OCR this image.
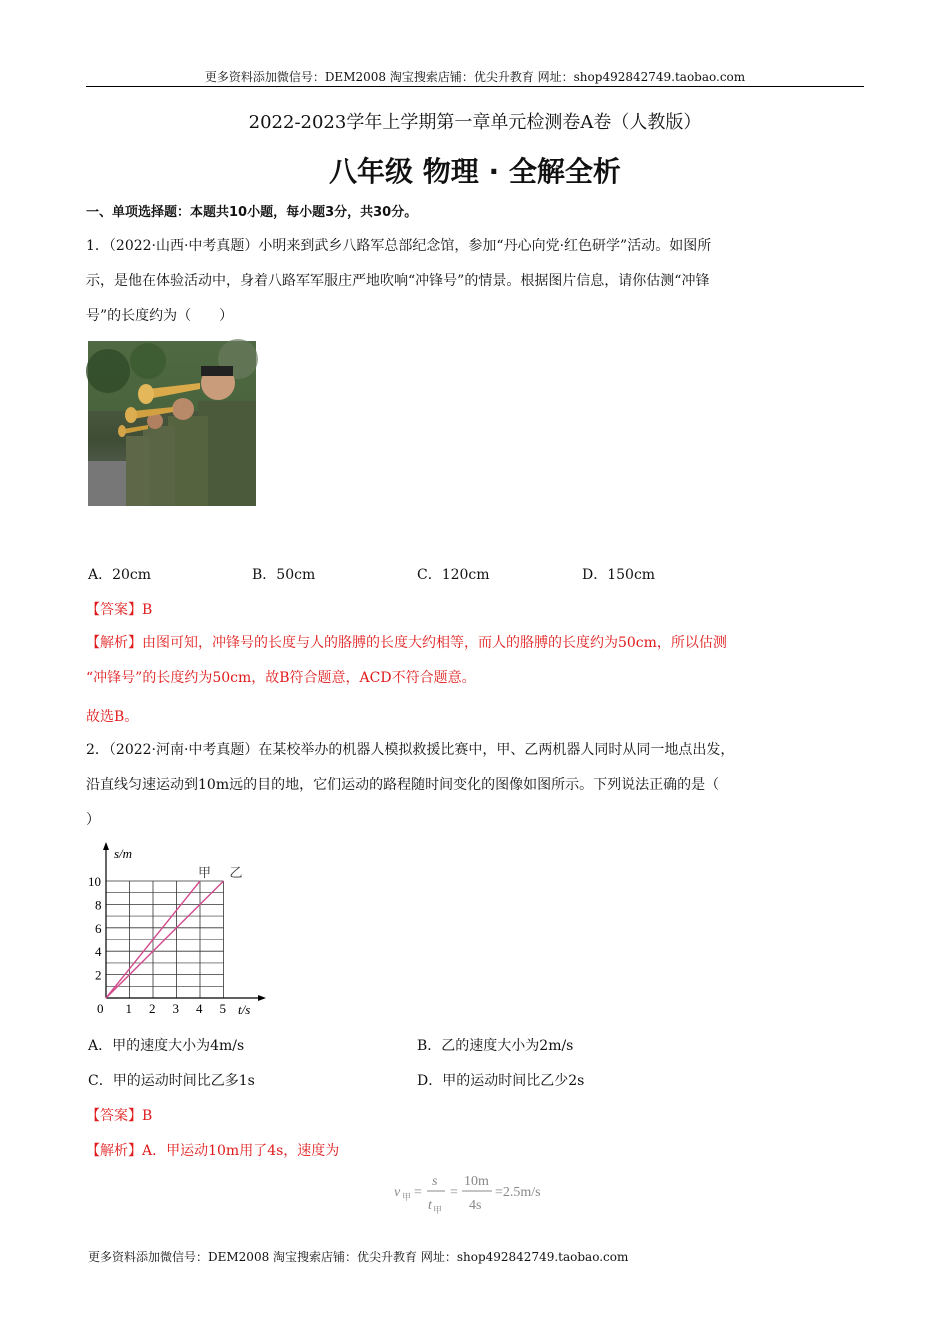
更多资料添加微信号：DEM2008 淘宝搜索店铺：优尖升教育 网址：shop492842749.taobao.com
2022-2023学年上学期第一章单元检测卷A卷（人教版）
八年级 物理 · 全解全析
一、单项选择题：本题共10小题，每小题3分，共30分。
1．（2022·山西·中考真题）小明来到武乡八路军总部纪念馆，参加“丹心向党·红色研学”活动。如图所
示，是他在体验活动中，身着八路军军服庄严地吹响“冲锋号”的情景。根据图片信息，请你估测“冲锋
号”的长度约为（　　）
A．20cm	B．50cm	C．120cm	D．150cm
【答案】B
【解析】由图可知，冲锋号的长度与人的胳膊的长度大约相等，而人的胳膊的长度约为50cm，所以估测
“冲锋号”的长度约为50cm，故B符合题意，ACD不符合题意。
故选B。
2．（2022·河南·中考真题）在某校举办的机器人模拟救援比赛中，甲、乙两机器人同时从同一地点出发，
沿直线匀速运动到10m远的目的地，它们运动的路程随时间变化的图像如图所示。下列说法正确的是（
）
0 1 2 3 4 5
2
4
6
8
10
s/m
t/s
甲 乙
A．甲的速度大小为4m/s	B．乙的速度大小为2m/s
C．甲的运动时间比乙多1s	D．甲的运动时间比乙少2s
【答案】B
【解析】A．甲运动10m用了4s，速度为
v 甲 =
s
t 甲
=
10m
4s
=2.5m/s
更多资料添加微信号：DEM2008 淘宝搜索店铺：优尖升教育 网址：shop492842749.taobao.com
